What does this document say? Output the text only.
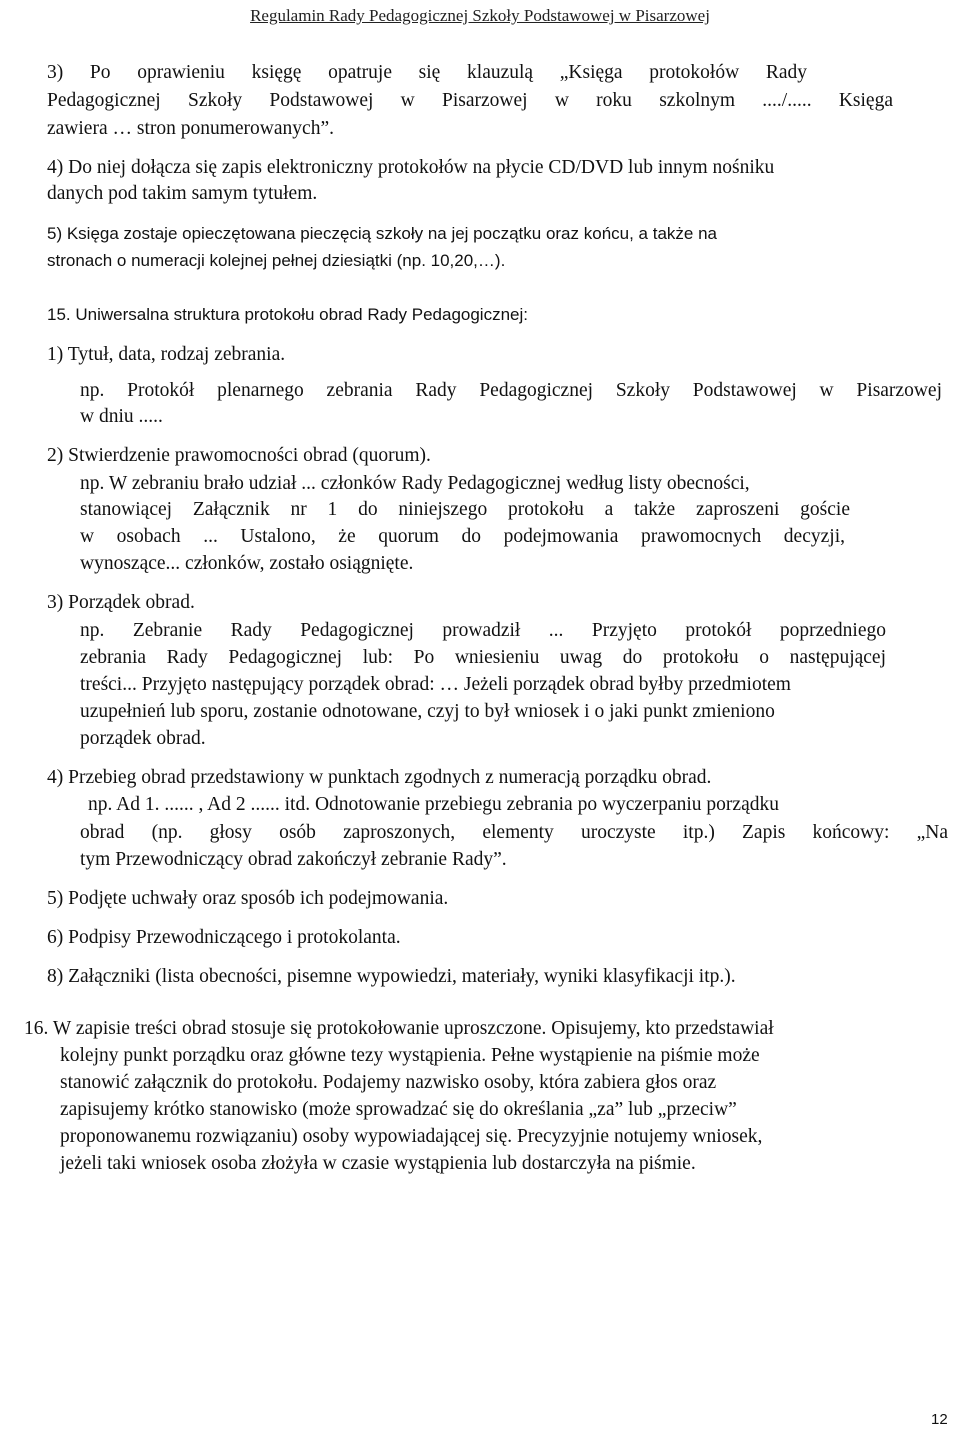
Regulamin Rady Pedagogicznej Szkoły Podstawowej w Pisarzowej
3) Po oprawieniu księgę opatruje się klauzulą „Księga protokołów Rady
Pedagogicznej Szkoły Podstawowej w Pisarzowej w roku szkolnym ..../..... Księga
zawiera … stron ponumerowanych”.
4) Do niej dołącza się zapis elektroniczny protokołów na płycie CD/DVD lub innym nośniku
danych pod takim samym tytułem.
5) Księga zostaje opieczętowana pieczęcią szkoły na jej początku oraz końcu, a także na
stronach o numeracji kolejnej pełnej dziesiątki (np. 10,20,…).
15. Uniwersalna struktura protokołu obrad Rady Pedagogicznej:
1) Tytuł, data, rodzaj zebrania.
np. Protokół plenarnego zebrania Rady Pedagogicznej Szkoły Podstawowej w Pisarzowej
w dniu .....
2) Stwierdzenie prawomocności obrad (quorum).
np. W zebraniu brało udział ... członków Rady Pedagogicznej według listy obecności,
stanowiącej Załącznik nr 1 do niniejszego protokołu a także zaproszeni goście
w osobach ... Ustalono, że quorum do podejmowania prawomocnych decyzji,
wynoszące... członków, zostało osiągnięte.
3) Porządek obrad.
np. Zebranie Rady Pedagogicznej prowadził ... Przyjęto protokół poprzedniego
zebrania Rady Pedagogicznej lub: Po wniesieniu uwag do protokołu o następującej
treści... Przyjęto następujący porządek obrad: … Jeżeli porządek obrad byłby przedmiotem
uzupełnień lub sporu, zostanie odnotowane, czyj to był wniosek i o jaki punkt zmieniono
porządek obrad.
4) Przebieg obrad przedstawiony w punktach zgodnych z numeracją porządku obrad.
np. Ad 1. ...... , Ad 2 ...... itd. Odnotowanie przebiegu zebrania po wyczerpaniu porządku
obrad (np. głosy osób zaproszonych, elementy uroczyste itp.) Zapis końcowy: „Na
tym Przewodniczący obrad zakończył zebranie Rady”.
5) Podjęte uchwały oraz sposób ich podejmowania.
6) Podpisy Przewodniczącego i protokolanta.
8) Załączniki (lista obecności, pisemne wypowiedzi, materiały, wyniki klasyfikacji itp.).
16. W zapisie treści obrad stosuje się protokołowanie uproszczone. Opisujemy, kto przedstawiał
kolejny punkt porządku oraz główne tezy wystąpienia. Pełne wystąpienie na piśmie może
stanowić załącznik do protokołu. Podajemy nazwisko osoby, która zabiera głos oraz
zapisujemy krótko stanowisko (może sprowadzać się do określania „za” lub „przeciw”
proponowanemu rozwiązaniu) osoby wypowiadającej się. Precyzyjnie notujemy wniosek,
jeżeli taki wniosek osoba złożyła w czasie wystąpienia lub dostarczyła na piśmie.
12
